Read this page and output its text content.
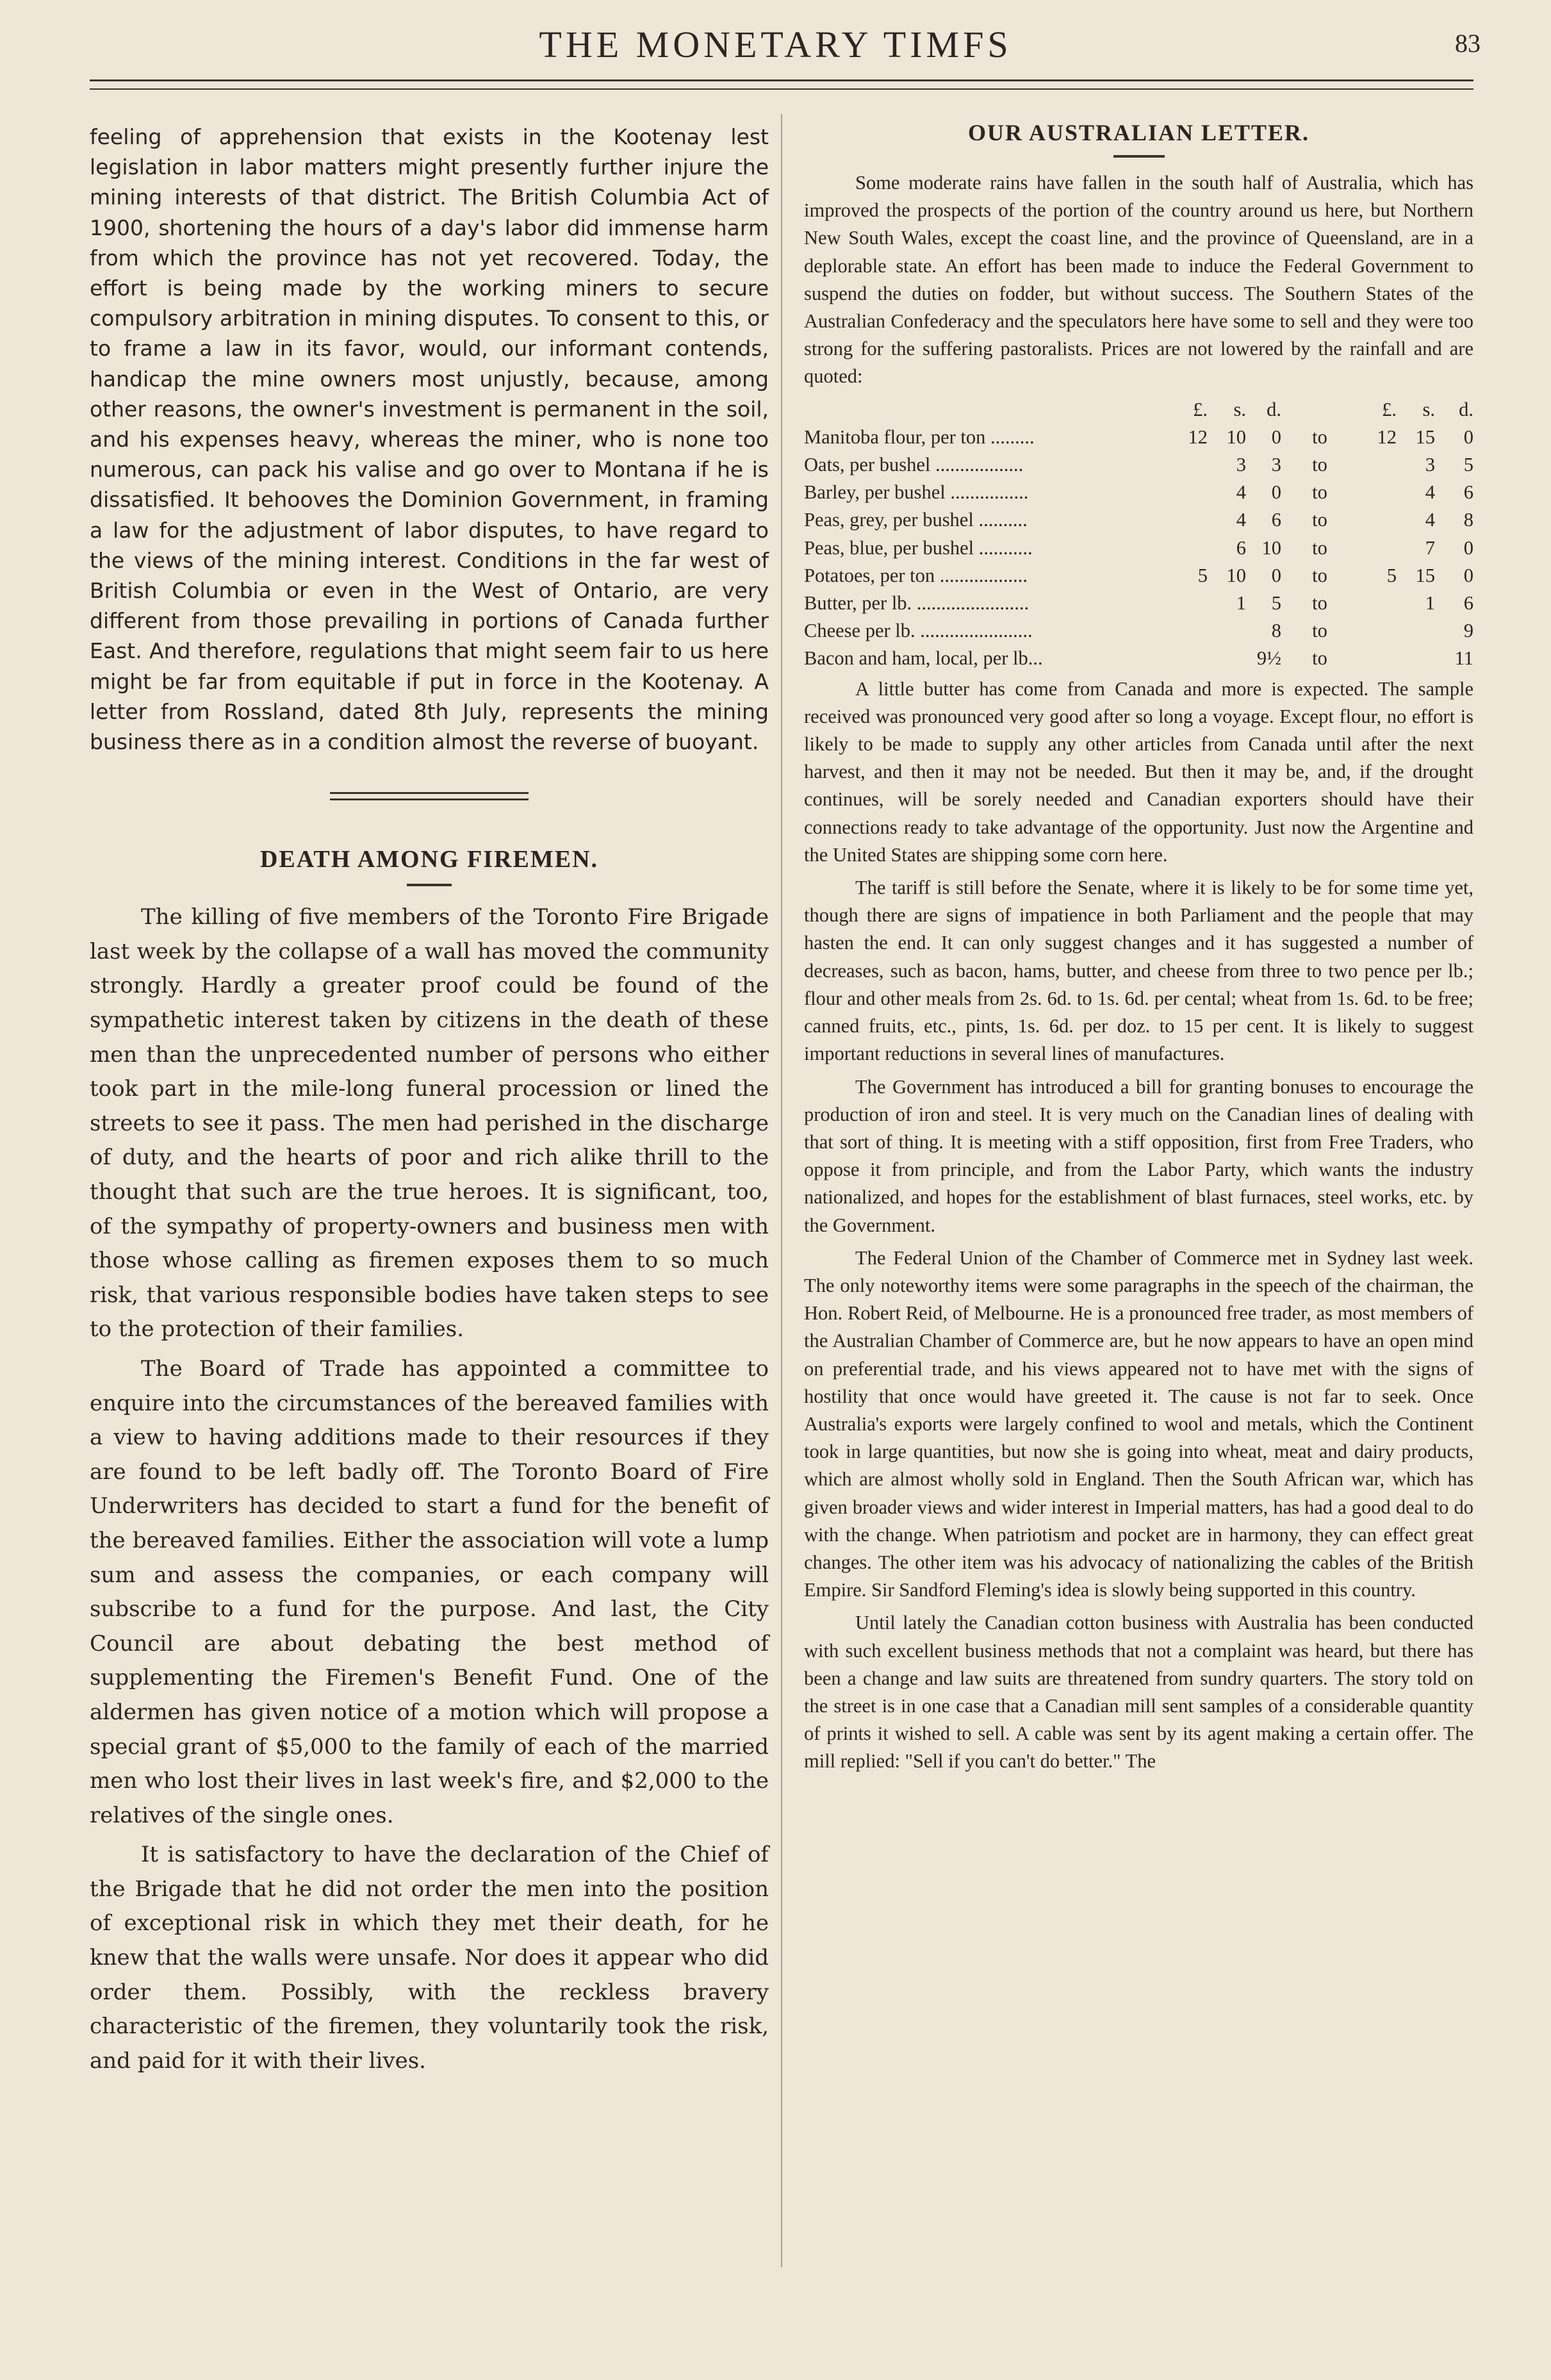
THE MONETARY TIMFS	83

feeling of apprehension that exists in the Kootenay lest legislation in labor matters might presently further injure the mining interests of that district. The British Columbia Act of 1900, shortening the hours of a day's labor did immense harm from which the province has not yet recovered. Today, the effort is being made by the working miners to secure compulsory arbitration in mining disputes. To consent to this, or to frame a law in its favor, would, our informant contends, handicap the mine owners most unjustly, because, among other reasons, the owner's investment is permanent in the soil, and his expenses heavy, whereas the miner, who is none too numerous, can pack his valise and go over to Montana if he is dissatisfied. It behooves the Dominion Government, in framing a law for the adjustment of labor disputes, to have regard to the views of the mining interest. Conditions in the far west of British Columbia or even in the West of Ontario, are very different from those prevailing in portions of Canada further East. And therefore, regulations that might seem fair to us here might be far from equitable if put in force in the Kootenay. A letter from Rossland, dated 8th July, represents the mining business there as in a condition almost the reverse of buoyant.

DEATH AMONG FIREMEN.

The killing of five members of the Toronto Fire Brigade last week by the collapse of a wall has moved the community strongly. Hardly a greater proof could be found of the sympathetic interest taken by citizens in the death of these men than the unprecedented number of persons who either took part in the mile-long funeral procession or lined the streets to see it pass. The men had perished in the discharge of duty, and the hearts of poor and rich alike thrill to the thought that such are the true heroes. It is significant, too, of the sympathy of property-owners and business men with those whose calling as firemen exposes them to so much risk, that various responsible bodies have taken steps to see to the protection of their families.

The Board of Trade has appointed a committee to enquire into the circumstances of the bereaved families with a view to having additions made to their resources if they are found to be left badly off. The Toronto Board of Fire Underwriters has decided to start a fund for the benefit of the bereaved families. Either the association will vote a lump sum and assess the companies, or each company will subscribe to a fund for the purpose. And last, the City Council are about debating the best method of supplementing the Firemen's Benefit Fund. One of the aldermen has given notice of a motion which will propose a special grant of $5,000 to the family of each of the married men who lost their lives in last week's fire, and $2,000 to the relatives of the single ones.

It is satisfactory to have the declaration of the Chief of the Brigade that he did not order the men into the position of exceptional risk in which they met their death, for he knew that the walls were unsafe. Nor does it appear who did order them. Possibly, with the reckless bravery characteristic of the firemen, they voluntarily took the risk, and paid for it with their lives.

OUR AUSTRALIAN LETTER.

Some moderate rains have fallen in the south half of Australia, which has improved the prospects of the portion of the country around us here, but Northern New South Wales, except the coast line, and the province of Queensland, are in a deplorable state. An effort has been made to induce the Federal Government to suspend the duties on fodder, but without success. The Southern States of the Australian Confederacy and the speculators here have some to sell and they were too strong for the suffering pastoralists. Prices are not lowered by the rainfall and are quoted:

	£.	s.	d.		£.	s.	d.
Manitoba flour, per ton .........	12	10	0	to	12	15	0
Oats, per bushel ..................		3	3	to		3	5
Barley, per bushel ................		4	0	to		4	6
Peas, grey, per bushel ..........		4	6	to		4	8
Peas, blue, per bushel ...........		6	10	to		7	0
Potatoes, per ton ..................	5	10	0	to	5	15	0
Butter, per lb. .......................		1	5	to		1	6
Cheese per lb. .......................			8	to			9
Bacon and ham, local, per lb...			9½	to			11

A little butter has come from Canada and more is expected. The sample received was pronounced very good after so long a voyage. Except flour, no effort is likely to be made to supply any other articles from Canada until after the next harvest, and then it may not be needed. But then it may be, and, if the drought continues, will be sorely needed and Canadian exporters should have their connections ready to take advantage of the opportunity. Just now the Argentine and the United States are shipping some corn here.

The tariff is still before the Senate, where it is likely to be for some time yet, though there are signs of impatience in both Parliament and the people that may hasten the end. It can only suggest changes and it has suggested a number of decreases, such as bacon, hams, butter, and cheese from three to two pence per lb.; flour and other meals from 2s. 6d. to 1s. 6d. per cental; wheat from 1s. 6d. to be free; canned fruits, etc., pints, 1s. 6d. per doz. to 15 per cent. It is likely to suggest important reductions in several lines of manufactures.

The Government has introduced a bill for granting bonuses to encourage the production of iron and steel. It is very much on the Canadian lines of dealing with that sort of thing. It is meeting with a stiff opposition, first from Free Traders, who oppose it from principle, and from the Labor Party, which wants the industry nationalized, and hopes for the establishment of blast furnaces, steel works, etc. by the Government.

The Federal Union of the Chamber of Commerce met in Sydney last week. The only noteworthy items were some paragraphs in the speech of the chairman, the Hon. Robert Reid, of Melbourne. He is a pronounced free trader, as most members of the Australian Chamber of Commerce are, but he now appears to have an open mind on preferential trade, and his views appeared not to have met with the signs of hostility that once would have greeted it. The cause is not far to seek. Once Australia's exports were largely confined to wool and metals, which the Continent took in large quantities, but now she is going into wheat, meat and dairy products, which are almost wholly sold in England. Then the South African war, which has given broader views and wider interest in Imperial matters, has had a good deal to do with the change. When patriotism and pocket are in harmony, they can effect great changes. The other item was his advocacy of nationalizing the cables of the British Empire. Sir Sandford Fleming's idea is slowly being supported in this country.

Until lately the Canadian cotton business with Australia has been conducted with such excellent business methods that not a complaint was heard, but there has been a change and law suits are threatened from sundry quarters. The story told on the street is in one case that a Canadian mill sent samples of a considerable quantity of prints it wished to sell. A cable was sent by its agent making a certain offer. The mill replied: "Sell if you can't do better." The
